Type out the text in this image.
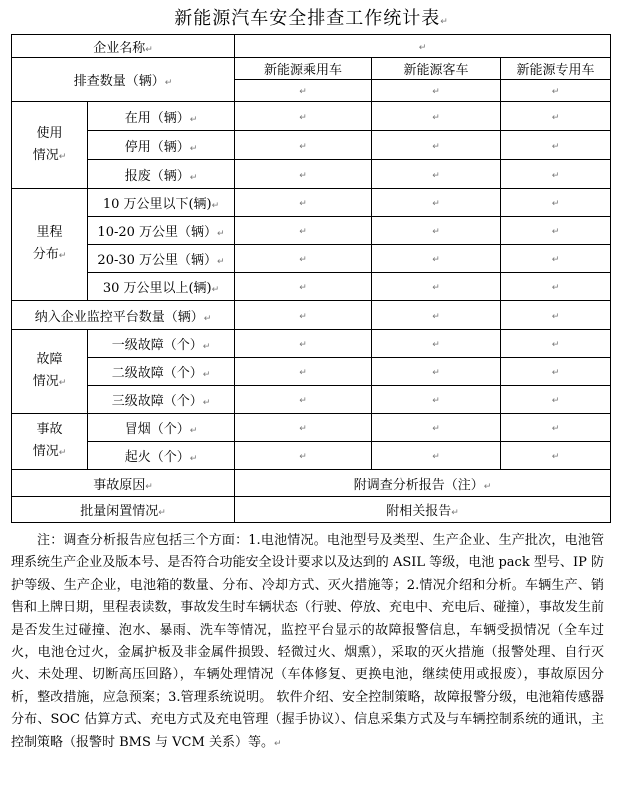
新能源汽车安全排查工作统计表↵
企业名称↵		↵		
排查数量（辆）↵		新能源乘用车	新能源客车	新能源专用车
		↵	↵	↵
使用
情况↵	在用（辆）↵	↵	↵	↵
	停用（辆）↵	↵	↵	↵
	报废（辆）↵	↵	↵	↵
里程
分布↵	10 万公里以下(辆)↵	↵	↵	↵
	10-20 万公里（辆）↵	↵	↵	↵
	20-30 万公里（辆）↵	↵	↵	↵
	30 万公里以上(辆)↵	↵	↵	↵
纳入企业监控平台数量（辆）↵		↵	↵	↵
故障
情况↵	一级故障（个）↵	↵	↵	↵
	二级故障（个）↵	↵	↵	↵
	三级故障（个）↵	↵	↵	↵
事故
情况↵	冒烟（个）↵	↵	↵	↵
	起火（个）↵	↵	↵	↵
事故原因↵		附调查分析报告（注）↵		
批量闲置情况↵		附相关报告↵		

注：调查分析报告应包括三个方面：1.电池情况。电池型号及类型、生产企业、生产批次，电池管理系统生产企业及版本号、是否符合功能安全设计要求以及达到的 ASIL 等级，电池 pack 型号、IP 防护等级、生产企业，电池箱的数量、分布、冷却方式、灭火措施等；2.情况介绍和分析。车辆生产、销售和上牌日期，里程表读数，事故发生时车辆状态（行驶、停放、充电中、充电后、碰撞），事故发生前是否发生过碰撞、泡水、暴雨、洗车等情况，监控平台显示的故障报警信息，车辆受损情况（全车过火，电池仓过火，金属护板及非金属件损毁、轻微过火、烟熏），采取的灭火措施（报警处理、自行灭火、未处理、切断高压回路），车辆处理情况（车体修复、更换电池，继续使用或报废），事故原因分析，整改措施，应急预案；3.管理系统说明。 软件介绍、安全控制策略，故障报警分级，电池箱传感器分布、SOC 估算方式、充电方式及充电管理（握手协议）、信息采集方式及与车辆控制系统的通讯，主控制策略（报警时 BMS 与 VCM 关系）等。↵
